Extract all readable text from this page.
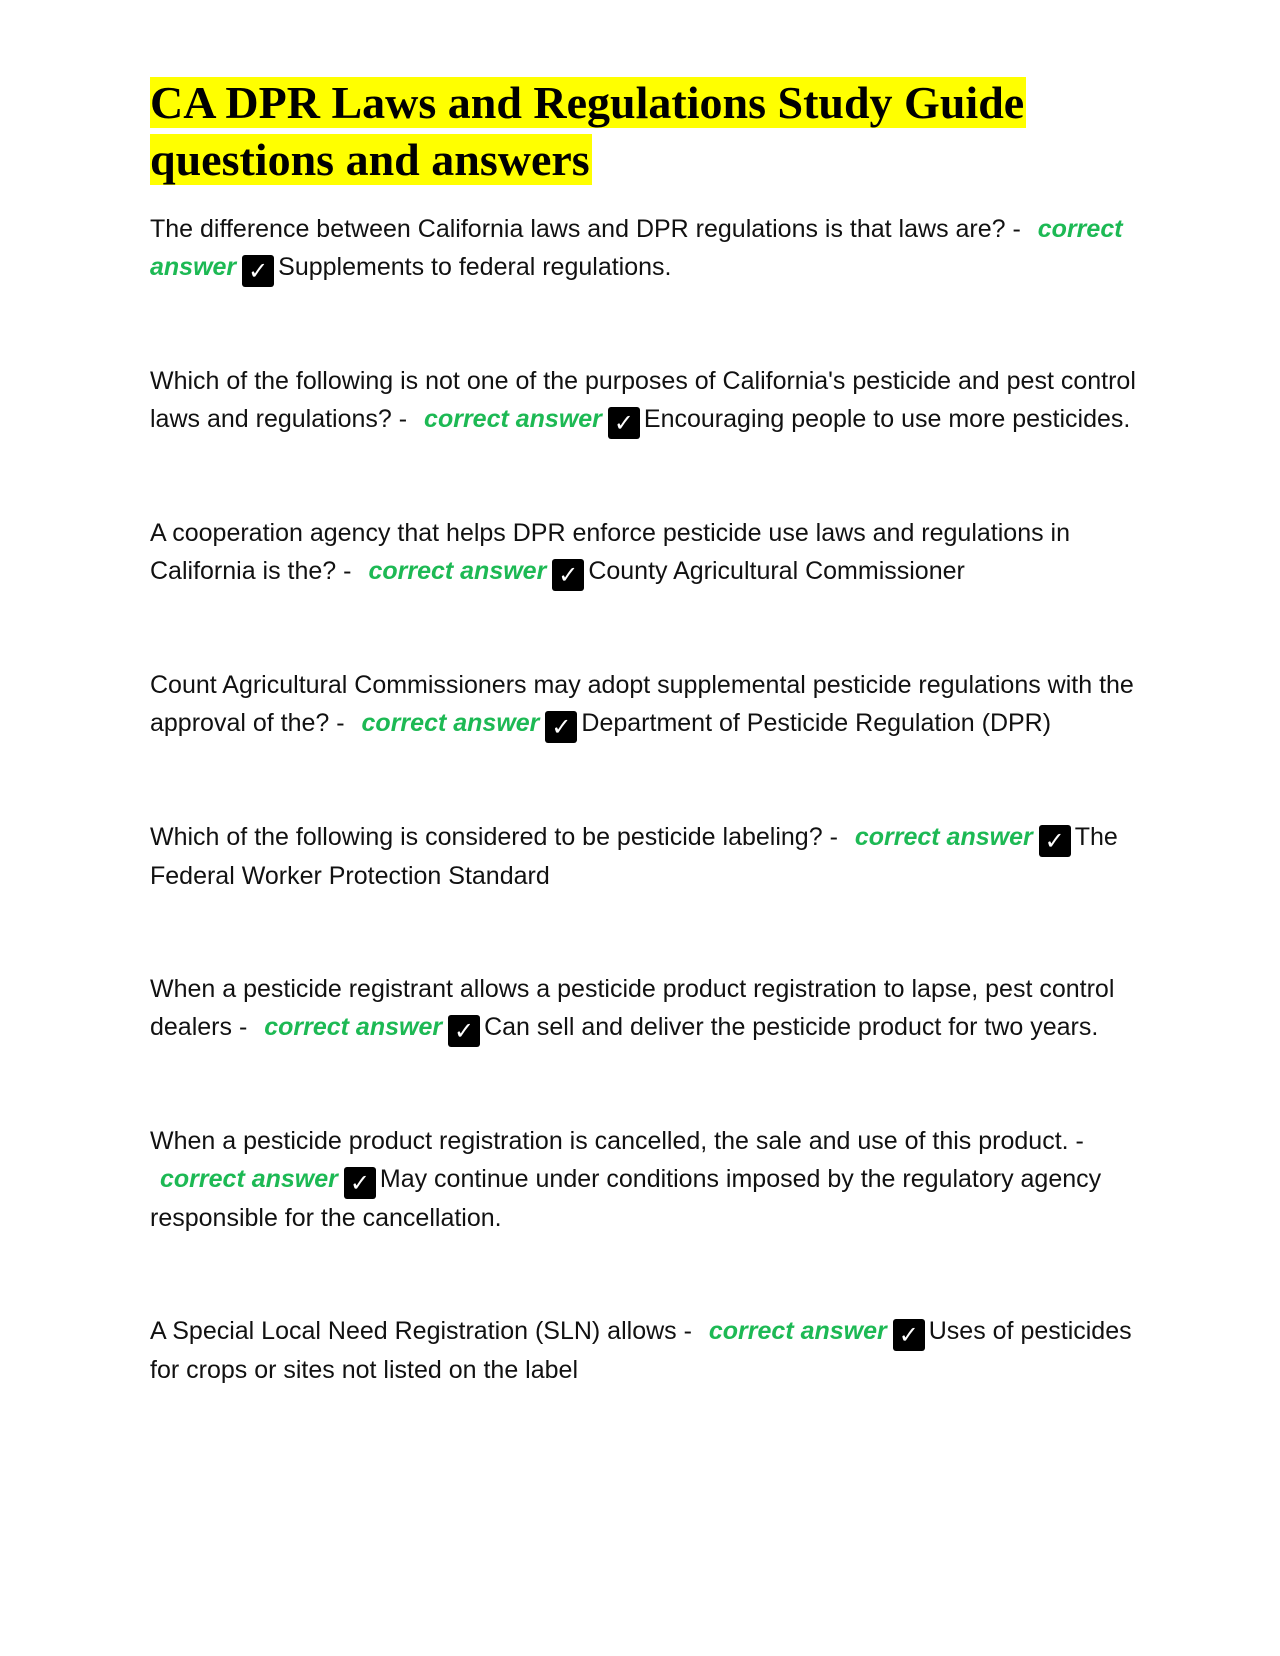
CA DPR Laws and Regulations Study Guide
questions and answers

The difference between California laws and DPR regulations is that laws are? - correct answer ✓ Supplements to federal regulations.

Which of the following is not one of the purposes of California's pesticide and pest control laws and regulations? - correct answer ✓ Encouraging people to use more pesticides.

A cooperation agency that helps DPR enforce pesticide use laws and regulations in California is the? - correct answer ✓ County Agricultural Commissioner

Count Agricultural Commissioners may adopt supplemental pesticide regulations with the approval of the? - correct answer ✓ Department of Pesticide Regulation (DPR)

Which of the following is considered to be pesticide labeling? - correct answer ✓ The Federal Worker Protection Standard

When a pesticide registrant allows a pesticide product registration to lapse, pest control dealers - correct answer ✓ Can sell and deliver the pesticide product for two years.

When a pesticide product registration is cancelled, the sale and use of this product. - correct answer ✓ May continue under conditions imposed by the regulatory agency responsible for the cancellation.

A Special Local Need Registration (SLN) allows - correct answer ✓ Uses of pesticides for crops or sites not listed on the label
